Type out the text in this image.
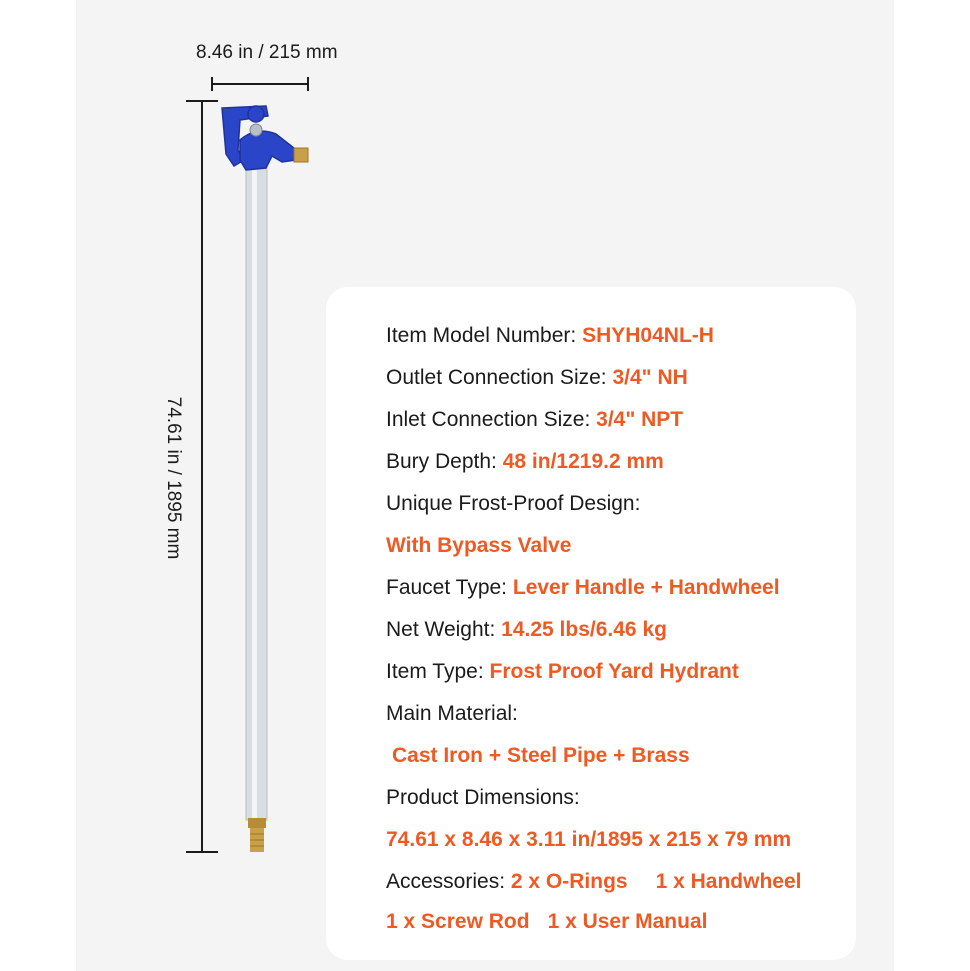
8.46 in / 215 mm
74.61 in / 1895 mm
Item Model Number: SHYH04NL-H
Outlet Connection Size: 3/4" NH
Inlet Connection Size: 3/4" NPT
Bury Depth: 48 in/1219.2 mm
Unique Frost-Proof Design:
With Bypass Valve
Faucet Type: Lever Handle + Handwheel
Net Weight: 14.25 lbs/6.46 kg
Item Type: Frost Proof Yard Hydrant
Main Material:
Cast Iron + Steel Pipe + Brass
Product Dimensions:
74.61 x 8.46 x 3.11 in/1895 x 215 x 79 mm
Accessories: 2 x O-Rings 1 x Handwheel
1 x Screw Rod 1 x User Manual
